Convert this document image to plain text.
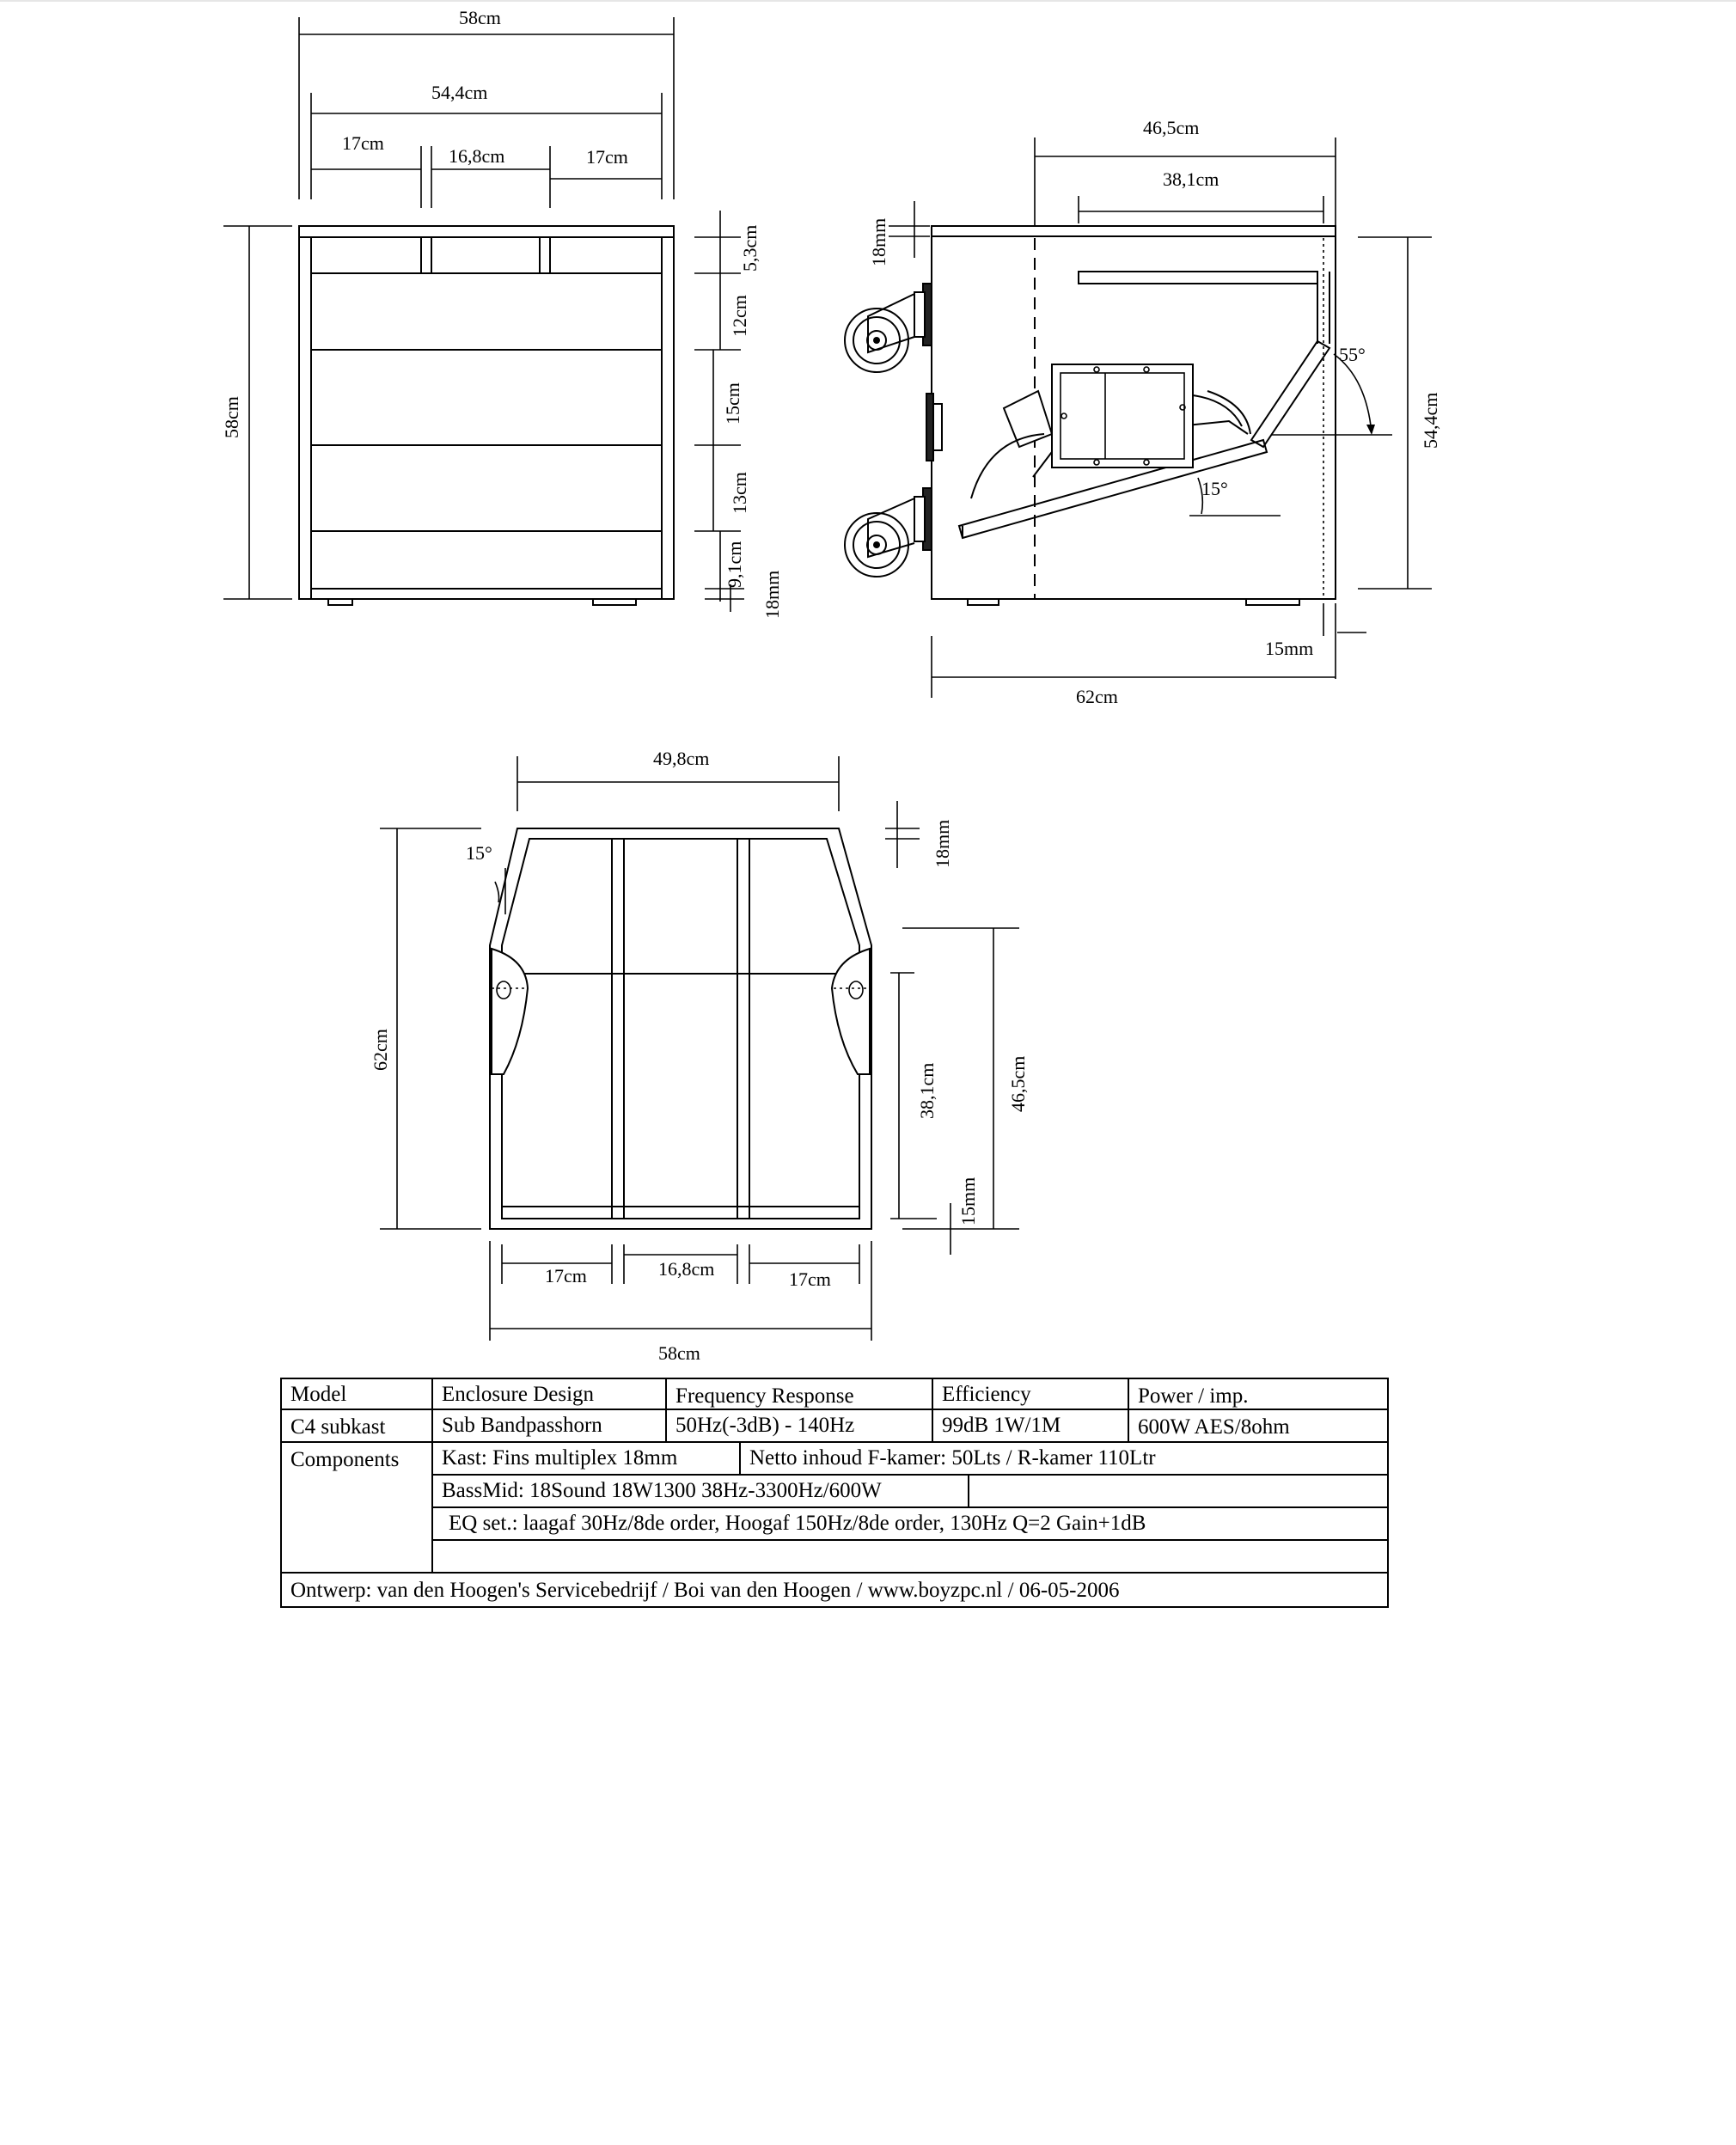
58cm
54,4cm
17cm
16,8cm	17cm
58cm
5,3cm
12cm
15cm
13cm
9,1cm
18mm
46,5cm
38,1cm
18mm
54,4cm
55°
15°
15mm
62cm
15°
49,8cm
18mm
62cm
46,5cm
38,1cm
15mm
17cm	16,8cm	17cm
58cm
Model	Enclosure Design	Frequency Response	Efficiency	Power / imp.
C4 subkast	Sub Bandpasshorn	50Hz(-3dB) - 140Hz	99dB 1W/1M	600W AES/8ohm
Components	Kast: Fins multiplex 18mm	Netto inhoud F-kamer: 50Lts / R-kamer 110Ltr
BassMid: 18Sound 18W1300 38Hz-3300Hz/600W
EQ set.: laagaf 30Hz/8de order, Hoogaf 150Hz/8de order, 130Hz Q=2 Gain+1dB
Ontwerp: van den Hoogen's Servicebedrijf / Boi van den Hoogen / www.boyzpc.nl / 06-05-2006
